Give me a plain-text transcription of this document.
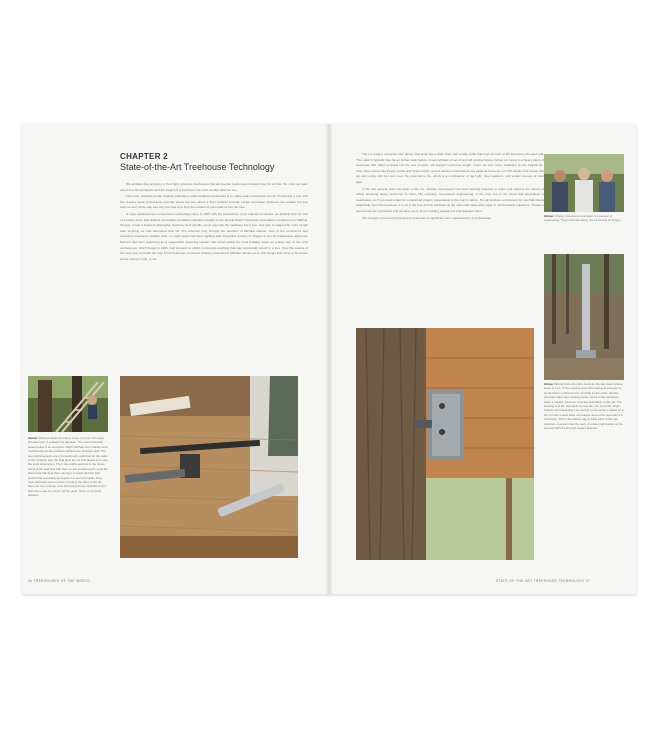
CHAPTER 2
State-of-the-Art Treehouse Technology

We attribute that anybody in their right mind-tree treehouses had all-tree-like treehouses followed they do as first, the more we learn about tree biomechanics and the weight of a treehouse the more we like what we see.

The trees' amazing innate healing techniques while building treehouses is to make each Connection Count. Puncturing a tree with two creates weak connections and can stress the tree where it then multiple wounds. Larger and fewer fasteners are smaller the tree cells for and, while stay can vary the idea is to limit the number of penetrations into the tree.

A major advancement in treehouse technology came in 1997 with the introduction of an attachment device, an artificial limb for lack of a better word, that arborist and builder Jonathan Fairoaks brought to the annual World Treehouse Association Conference in Takilma, Oregon. It was a stainless alternative stainless steel spindle, some says like the hardware but a tree, was able to support far more weight than anything we had attempted thus far. The arborists truly brought the attention of Michael Garnier, host of the conference and renowned treehouse hotelier, who, for eight years had been fighting with Josephine County in Oregon to get his treehouses approved. Richard had been searching for a measurable fastening solution that would satisfy the local building codes as a large part of the early conferences, which began in 1995, had focused on efforts to develop anything that was structurally sound in a tree. Over the course of the next year, and with the help of his treehouse mechanic Charles Greenwood, Michael refined a tree bolt design that came to be known as the Garnier Limb, or GL.

Above: Richard shows the bolt to a tree in a four inch deep threaded pen, it explains the diameter. The somewhat well stated below is an exception. Right: Michael and Charley work meticulously on the evidence behind your structure load. The two reinforcements are a tremendously useful set on the walls. In the contrast, lose the final all of the GL that allows us to use the tools dimensions. Then, two outfits secured in the house about is the load limit with their on-site precisioned to grind the stress that that kept them stronger. It needs all bolts that should that eventually be maybe it is sent out inside. They must ultimately push a loose rod along the drive of the GL, then rest it to undergo. Just 3/4 strong as the mold this tenon that rest to see it's tunnel. Fill the pleat. Then, to concrete skewers.
36 TREEHOUSES OF THE WORLD

The GL today's universal steel device that looks like a thick chair with a wide collar that buys an inch of 1/2 accessory throated end. The collar is typically free for an inches wide before. A second back of set of end will another twelve inches (or more) in a heavy piece of treehouse that, when screwed into the tree properly, will support enormous weight. There are now many variations on the original GL. They have names like Heavy Limbs and Hyper-Limbs, and of various combinations are rated as heavy as a 2,700 square foot house. We are also using mini-GLs and even the potential to GL, which is a combination of lag bolts, steel washers, and variant sleeves of steel pipe.

In the last several years the dawn of the GL, Charley Greenwood has been working tirelessly to refine and improve the means of safely attaching heavy structures to trees. His company, Greenwood Engineering, is the only one in the world that specializes in treehouses, so if you need a plan for a particular project, Greenwood is the man to talk to. He will produce a document for you that shows graphically how the treehouse is to sit in the tree and he will back up the claim with page after page of mind-blowing equations. Charley's documents are impressive and we have yet to find a building department that disputed them.

We strongly recommend having any treehouse of significant size engineered by a professional.	Above: Charley Greenwood and team is a pioneer of engineering. Tree to the laboratory, the University of Oregon.
Above: Strong limbs are often made for the last steel trusses; beam is a lot. In the ongoing tests that steel gets stronger by an aluminum reinforcement, and that as the scale. Garnier and team have been looking at the mount of the treehouse when a modern pressure concrete foundation to this set. The spacing is at the standards for tree life. GL, test bolts. Right: Charles and Gwendolyn are testing a new system, based on a GL rod with a steel base, and sleeve around the seconds of a treehouse. This is the fastest way to track each of the tree positions, a system that the work of a steel nail bracket on the set plus half of a strength loaded fastener.
STATE-OF-THE-ART TREEHOUSE TECHNOLOGY 37
